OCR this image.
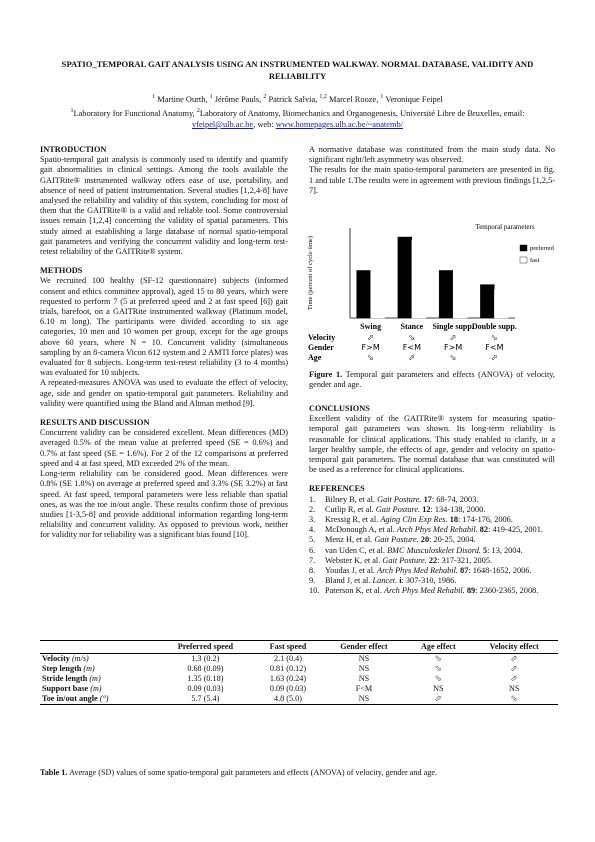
SPATIO_TEMPORAL GAIT ANALYSIS USING AN INSTRUMENTED WALKWAY. NORMAL DATABASE, VALIDITY AND RELIABILITY
$^1$ Martine Ourth, $^1$ Jérôme Pauls, $^2$ Patrick Salvia, $^{1,2}$ Marcel Rooze, $^1$ Veronique Feipel
$^1$Laboratory for Functional Anatomy, $^2$Laboratory of Anatomy, Biomechanics and Organogenesis, Université Libre de Bruxelles, email: vfeipel@ulb.ac.be, web: www.homepages.ulb.ac.be/~anatemb/

INTRODUCTION

Spatio-temporal gait analysis is commonly used to identify and quantify gait abnormalities in clinical settings. Among the tools available the GAITRite® instrumented walkway offers ease of use, portability, and absence of need of patient instrumentation. Several studies [1,2,4-8] have analysed the reliability and validity of this system, concluding for most of them that the GAITRite® is a valid and reliable tool. Some controversial issues remain [1,2,4] concerning the validity of spatial parameters. This study aimed at establishing a large database of normal spatio-temporal gait parameters and verifying the concurrent validity and long-term test-retest reliability of the GAITRite® system.

METHODS

We recruited 100 healthy (SF-12 questionnaire) subjects (informed consent and ethics committee approval), aged 15 to 80 years, which were requested to perform 7 (5 at preferred speed and 2 at fast speed [6]) gait trials, barefoot, on a GAITRite instrumented walkway (Platinum model, 6.10 m long). The participants were divided according to six age categories, 10 men and 10 women per group, except for the age groups above 60 years, where N = 10. Concurrent validity (simultaneous sampling by an 8-camera Vicon 612 system and 2 AMTI force plates) was evaluated for 8 subjects. Long-term test-retest reliability (3 to 4 months) was evaluated for 10 subjects.

A repeated-measures ANOVA was used to evaluate the effect of velocity, age, side and gender on spatio-temporal gait parameters. Reliability and validity were quantified using the Bland and Altman method [9].

RESULTS AND DISCUSSION

Concurrent validity can be considered excellent. Mean differences (MD) averaged 0.5% of the mean value at preferred speed (SE = 0.6%) and 0.7% at fast speed (SE = 1.6%). For 2 of the 12 comparisons at preferred speed and 4 at fast speed, MD exceeded 2% of the mean.

Long-term reliability can be considered good. Mean differences were 0.8% (SE 1.8%) on average at preferred speed and 3.3% (SE 3.2%) at fast speed. At fast speed, temporal parameters were less reliable than spatial ones, as was the toe in/out angle. These results confirm those of previous studies [1-3,5-8] and provide additional information regarding long-term reliability and concurrent validity. As opposed to previous work, neither for validity nor for reliability was a significant bias found [10].

A normative database was constituted from the main study data. No significant right/left asymmetry was observed.

The results for the main spatio-temporal parameters are presented in fig. 1 and table 1.The results were in agreement with previous findings [1,2,5-7].

Time (percent of cycle time)
Temporal parameters
Swing Stance Single supp.
Double supp.
preferred
fast
Velocity	⬀	⬂	⬀	⬂
Gender	F>M	F<M	F>M	F<M
Age	⬂	⬀	⬂	⬀
Figure 1. Temporal gait parameters and effects (ANOVA) of velocity, gender and age.

CONCLUSIONS

Excellent validity of the GAITRite® system for measuring spatio-temporal gait parameters was shown. Its long-term reliability is reasonable for clinical applications. This study enabled to clarify, in a larger healthy sample, the effects of age, gender and velocity on spatio-temporal gait parameters. The normal database that was constituted will be used as a reference for clinical applications.

REFERENCES

1. Bilney B, et al. Gait Posture. 17: 68-74, 2003.
2. Cutlip R, et al. Gait Posture. 12: 134-138, 2000.
3. Kressig R, et al. Aging Clin Exp Res. 18: 174-176, 2006.
4. McDonough A, et al. Arch Phys Med Rehabil. 82: 419-425, 2001.
5. Menz H, et al. Gait Posture. 20: 20-25, 2004.
6. van Uden C, et al. BMC Musculoskelet Disord. 5: 13, 2004.
7. Webster K, et al. Gait Posture. 22: 317-321, 2005.
8. Youdas J, et al. Arch Phys Med Rehabil. 87: 1648-1652, 2006.
9. Bland J, et al. Lancet. i: 307-310, 1986.
10. Paterson K, et al. Arch Phys Med Rehabil. 89: 2360-2365, 2008.
	Preferred speed	Fast speed	Gender effect	Age effect	Velocity effect
Velocity (m/s)	1.3 (0.2)	2.1 (0.4)	NS	⬂	⬀
Step length (m)	0.68 (0.09)	0.81 (0.12)	NS	⬂	⬀
Stride length (m)	1.35 (0.18)	1.63 (0.24)	NS	⬂	⬀
Support base (m)	0.09 (0.03)	0.09 (0.03)	F<M	NS	NS
Toe in/out angle (°)	5.7 (5.4)	4.8 (5.0)	NS	⬀	⬂
Table 1. Average (SD) values of some spatio-temporal gait parameters and effects (ANOVA) of velocity, gender and age.
